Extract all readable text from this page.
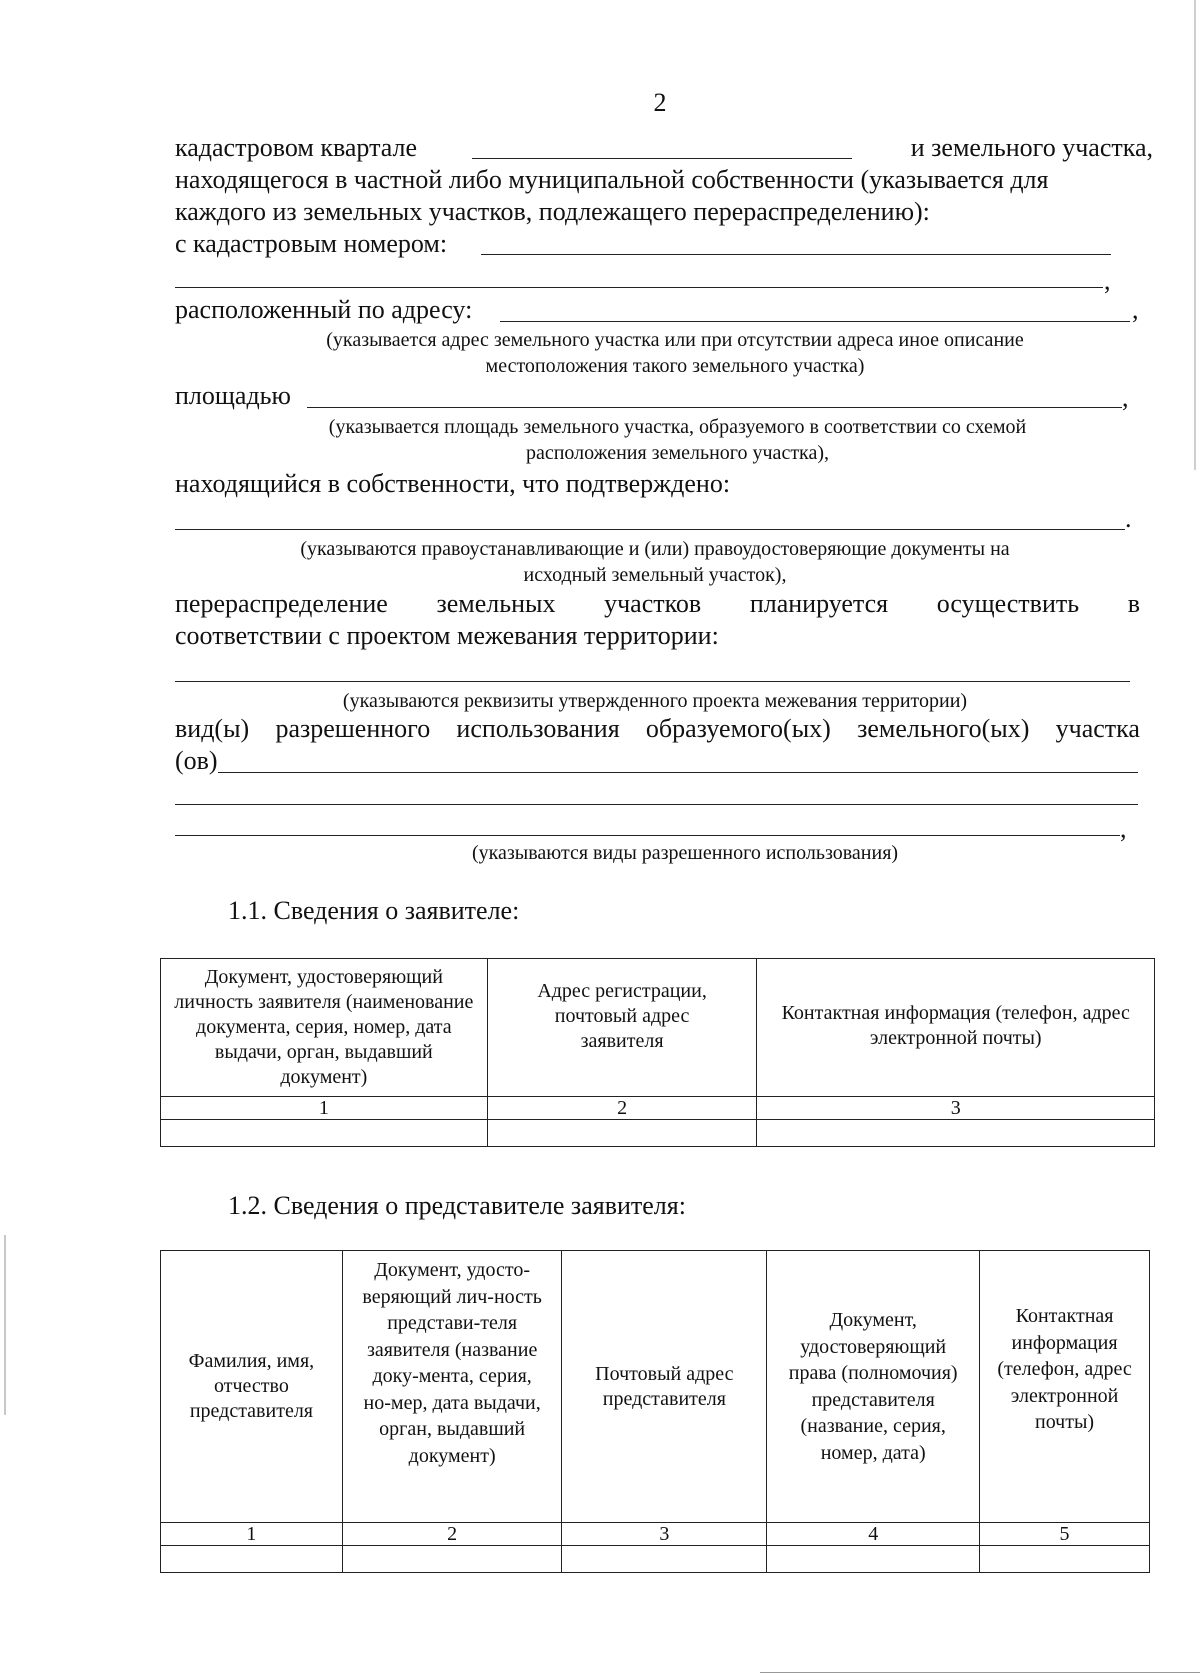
2
кадастровом квартале	и земельного участка,
находящегося в частной либо муниципальной собственности (указывается для
каждого из земельных участков, подлежащего перераспределению):
с кадастровым номером:
,
расположенный по адресу:	,
(указывается адрес земельного участка или при отсутствии адреса иное описание
местоположения такого земельного участка)
площадью	,
(указывается площадь земельного участка, образуемого в соответствии со схемой
расположения земельного участка),
находящийся в собственности, что подтверждено:
.
(указываются правоустанавливающие и (или) правоудостоверяющие документы на
исходный земельный участок),
перераспределение земельных участков планируется осуществить в
соответствии с проектом межевания территории:
(указываются реквизиты утвержденного проекта межевания территории)
вид(ы) разрешенного использования образуемого(ых) земельного(ых) участка
(ов)
,
(указываются виды разрешенного использования)
1.1. Сведения о заявителе:
Документ, удостоверяющий личность заявителя (наименование документа, серия, номер, дата выдачи, орган, выдавший документ)	Адрес регистрации, почтовый адрес заявителя	Контактная информация (телефон, адрес электронной почты)
1	2	3

1.2. Сведения о представителе заявителя:
Фамилия, имя, отчество представителя	Документ, удосто-веряющий лич-ность представи-теля заявителя (название доку-мента, серия, но-мер, дата выдачи, орган, выдавший документ)	Почтовый адрес представителя	Документ, удостоверяющий права (полномочия) представителя (название, серия, номер, дата)	Контактная информация (телефон, адрес электронной почты)
1	2	3	4	5
